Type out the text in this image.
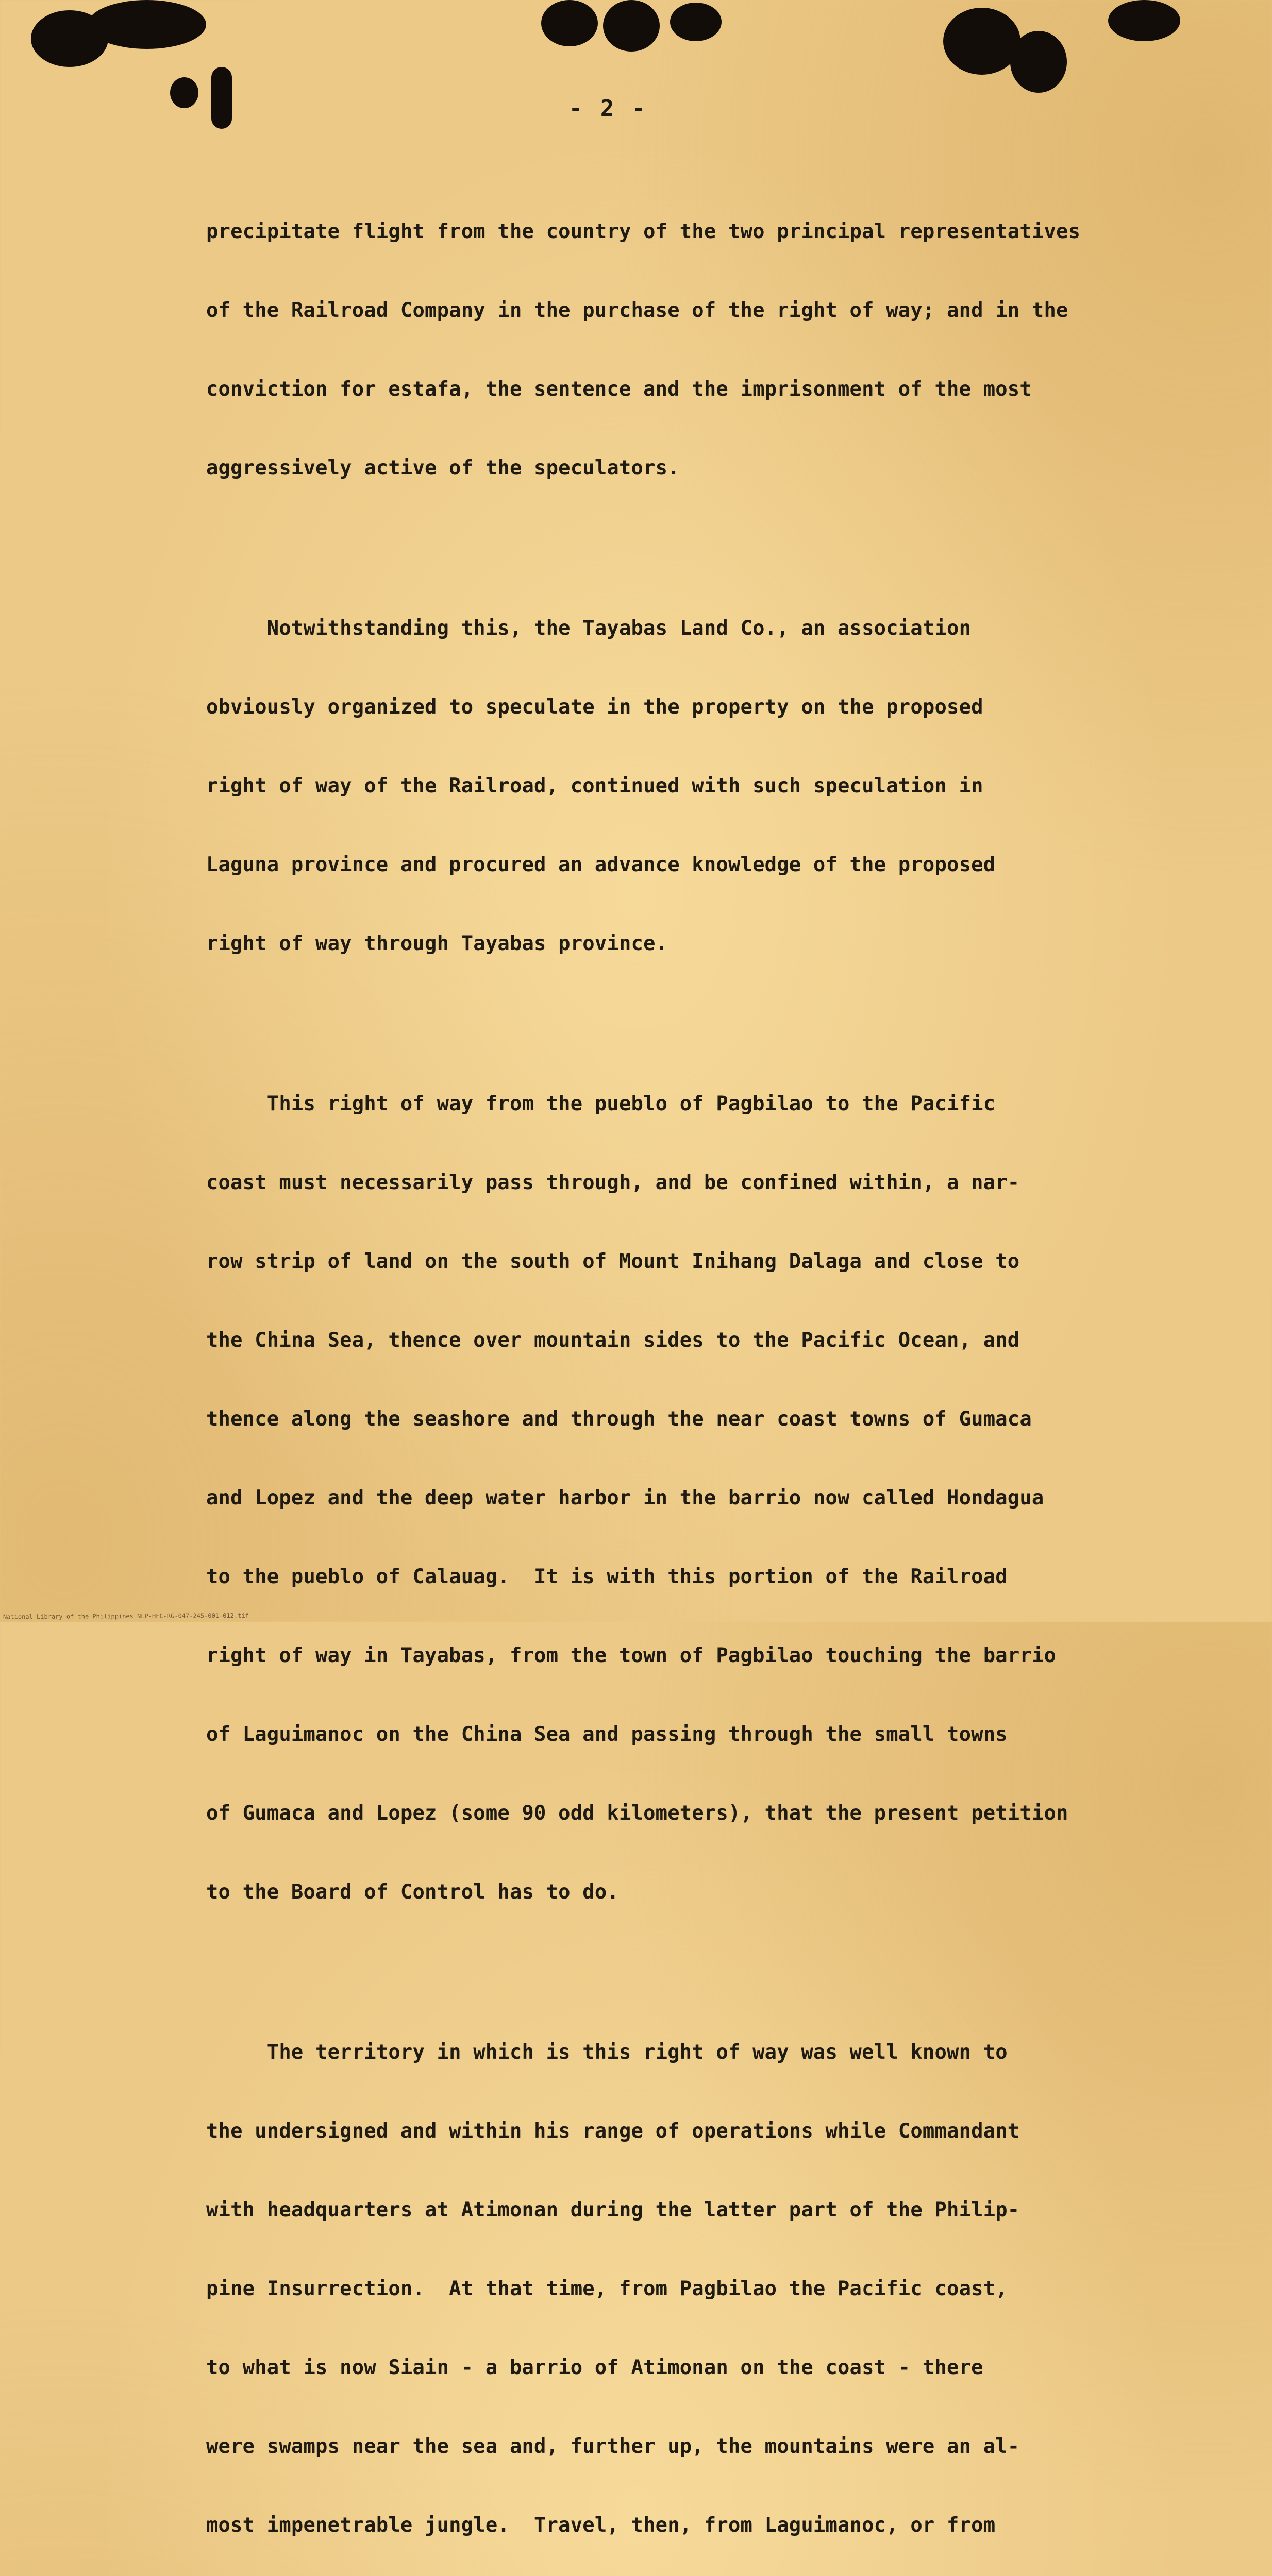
- 2 -

precipitate flight from the country of the two principal representatives

of the Railroad Company in the purchase of the right of way; and in the

conviction for estafa, the sentence and the imprisonment of the most

aggressively active of the speculators.

Notwithstanding this, the Tayabas Land Co., an association

obviously organized to speculate in the property on the proposed

right of way of the Railroad, continued with such speculation in

Laguna province and procured an advance knowledge of the proposed

right of way through Tayabas province.

This right of way from the pueblo of Pagbilao to the Pacific

coast must necessarily pass through, and be confined within, a nar-

row strip of land on the south of Mount Inihang Dalaga and close to

the China Sea, thence over mountain sides to the Pacific Ocean, and

thence along the seashore and through the near coast towns of Gumaca

and Lopez and the deep water harbor in the barrio now called Hondagua

to the pueblo of Calauag.  It is with this portion of the Railroad

right of way in Tayabas, from the town of Pagbilao touching the barrio

of Laguimanoc on the China Sea and passing through the small towns

of Gumaca and Lopez (some 90 odd kilometers), that the present petition

to the Board of Control has to do.

The territory in which is this right of way was well known to

the undersigned and within his range of operations while Commandant

with headquarters at Atimonan during the latter part of the Philip-

pine Insurrection.  At that time, from Pagbilao the Pacific coast,

to what is now Siain - a barrio of Atimonan on the coast - there

were swamps near the sea and, further up, the mountains were an al-

most impenetrable jungle.  Travel, then, from Laguimanoc, or from

National Library of the Philippines NLP-HFC-RG-047-245-001-012.tif
